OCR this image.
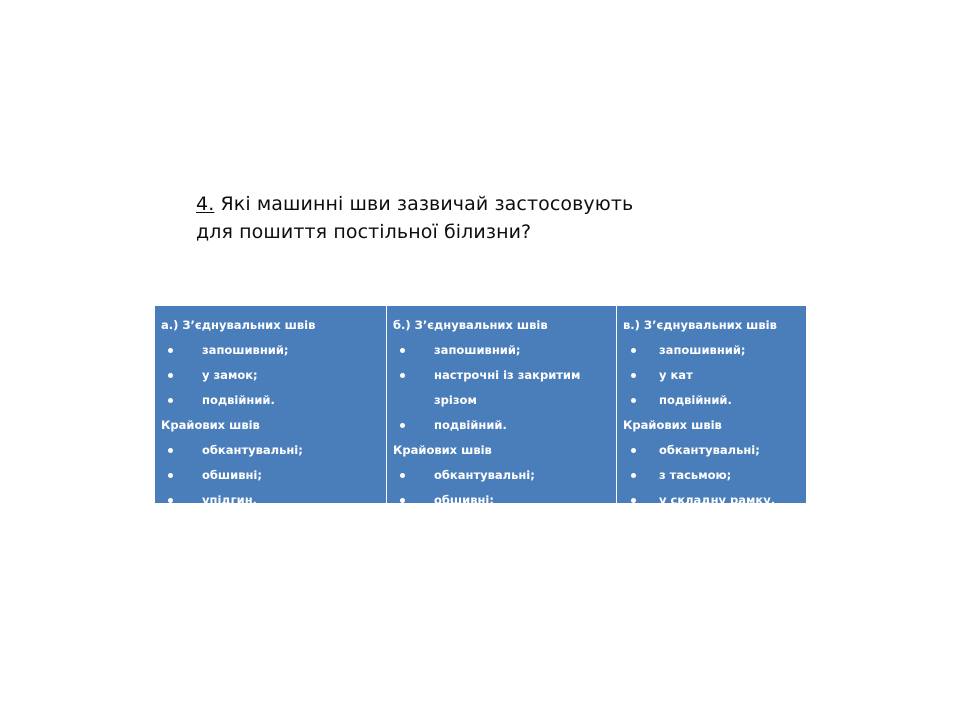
4. Які машинні шви зазвичай застосовують
для пошиття постільної білизни?
а.) З’єднувальних швів
запошивний;
у замок;
подвійний.
Крайових швів
обкантувальні;
обшивні;
упідгин.
б.) З’єднувальних швів
запошивний;
настрочні із закритим зрізом
подвійний.
Крайових швів
обкантувальні;
обшивні;
у складну рамку
в.) З’єднувальних швів
запошивний;
у кат
подвійний.
Крайових швів
обкантувальні;
з тасьмою;
у складну рамку.
